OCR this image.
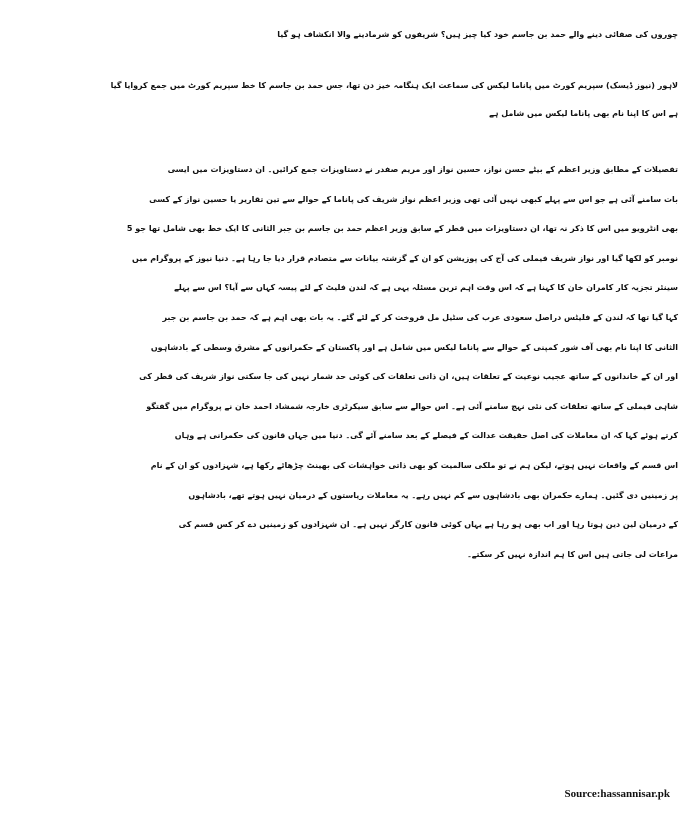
چوروں کی صفائی دینے والے حمد بن جاسم خود کیا چیز ہیں؟ شریفوں کو شرمادینے والا انکشاف ہو گیا

لاہور (نیوز ڈیسک) سپریم کورٹ میں پاناما لیکس کی سماعت ایک ہنگامہ خیز دن تھا، جس حمد بن جاسم کا خط سپریم کورٹ میں جمع کروایا گیا
ہے اس کا اپنا نام بھی پاناما لیکس میں شامل ہے

تفصیلات کے مطابق وزیر اعظم کے بیٹے حسن نواز، حسین نواز اور مریم صفدر نے دستاویزات جمع کرائیں۔ ان دستاویزات میں ایسی
بات سامنے آئی ہے جو اس سے پہلے کبھی نہیں آئی تھی وزیر اعظم نواز شریف کی پاناما کے حوالے سے تین تقاریر یا حسین نواز کے کسی
بھی انٹرویو میں اس کا ذکر نہ تھا، ان دستاویزات میں قطر کے سابق وزیر اعظم حمد بن جاسم بن جبر الثانی کا ایک خط بھی شامل تھا جو 5
نومبر کو لکھا گیا اور نواز شریف فیملی کی آج کی پوزیشن کو ان کے گزشتہ بیانات سے متصادم قرار دیا جا رہا ہے۔ دنیا نیوز کے پروگرام میں
سینئر تجزیہ کار کامران خان کا کہنا ہے کہ اس وقت اہم ترین مسئلہ یہی ہے کہ لندن فلیٹ کے لئے پیسہ کہاں سے آیا؟ اس سے پہلے
کہا گیا تھا کہ لندن کے فلیٹس دراصل سعودی عرب کی سٹیل مل فروخت کر کے لئے گئے۔ یہ بات بھی اہم ہے کہ حمد بن جاسم بن جبر
الثانی کا اپنا نام بھی آف شور کمپنی کے حوالے سے پاناما لیکس میں شامل ہے اور پاکستان کے حکمرانوں کے مشرق وسطی کے بادشاہوں
اور ان کے خاندانوں کے ساتھ عجیب نوعیت کے تعلقات ہیں، ان ذاتی تعلقات کی کوئی حد شمار نہیں کی جا سکتی نواز شریف کی قطر کی
شاہی فیملی کے ساتھ تعلقات کی نئی نہج سامنے آئی ہے۔ اس حوالے سے سابق سیکرٹری خارجہ شمشاد احمد خان نے پروگرام میں گفتگو
کرتے ہوئے کہا کہ ان معاملات کی اصل حقیقت عدالت کے فیصلے کے بعد سامنے آئے گی۔ دنیا میں جہاں قانون کی حکمرانی ہے وہاں
اس قسم کے واقعات نہیں ہوتے، لیکن ہم نے تو ملکی سالمیت کو بھی ذاتی خواہشات کی بھینٹ چڑھائے رکھا ہے، شہزادوں کو ان کے نام
پر زمینیں دی گئیں۔ ہمارے حکمران بھی بادشاہوں سے کم نہیں رہے۔ یہ معاملات ریاستوں کے درمیان نہیں ہوتے تھے، بادشاہوں
کے درمیان لین دین ہوتا رہا اور اب بھی ہو رہا ہے یہاں کوئی قانون کارگر نہیں ہے۔ ان شہزادوں کو زمینیں دے کر کس قسم کی
مراعات لی جاتی ہیں اس کا ہم اندازہ نہیں کر سکتے۔

Source:hassannisar.pk
